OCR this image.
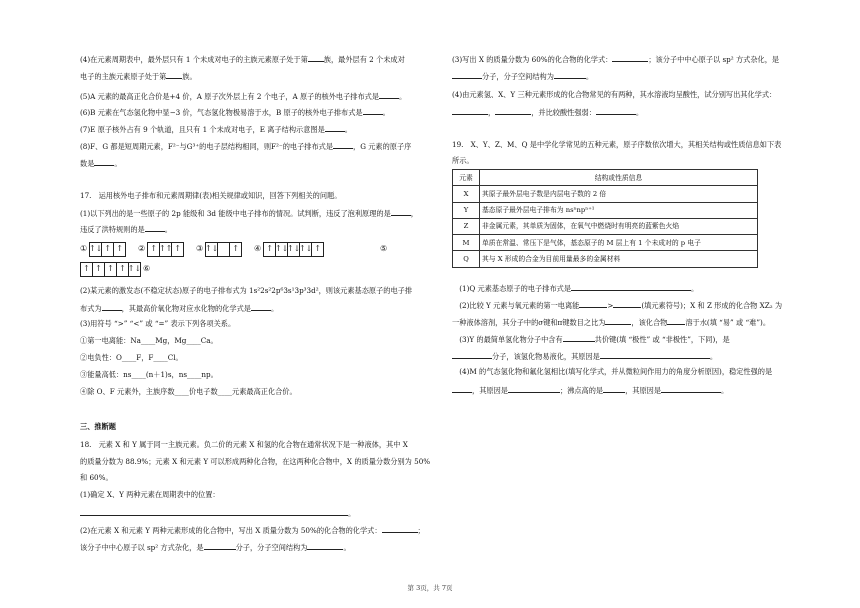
(4)在元素周期表中，最外层只有 1 个未成对电子的主族元素原子处于第 族，最外层有 2 个未成对
电子的主族元素原子处于第 族。
(5)A 元素的最高正化合价是+4 价，A 原子次外层上有 2 个电子，A 原子的核外电子排布式是	。
(6)B 元素在气态氢化物中显−3 价，气态氢化物极易溶于水，B 原子的核外电子排布式是	。
(7)E 原子核外占有 9 个轨道，且只有 1 个未成对电子，E 离子结构示意图是	。
(8)F、G 都是短周期元素，F²⁻与G³⁺的电子层结构相同，则F²⁻的电子排布式是	，G 元素的原子序
数是	。
17.　运用核外电子排布和元素周期律(表)相关规律或知识，回答下列相关的问题。
(1)以下列出的是一些原子的 2p 能级和 3d 能级中电子排布的情况。试判断，违反了泡利原理的是	，
违反了洪特规则的是	。
① ↑↓ ↑ ↑	② ↑ ↑↑ ↑	③ ↑↓ ↑	④ ↑ ↑↓
↑↓
↑↓ ↑	⑤
↑ ↑ ↑ ↑ ↑↓ ⑥
(2)某元素的激发态(不稳定状态)原子的电子排布式为 1s²2s²2p⁶3s¹3p³3d²，则该元素基态原子的电子排
布式为	，其最高价氧化物对应水化物的化学式是	。
(3)用符号 “>” “<” 或 “=” 表示下列各项关系。
①第一电离能：Na____Mg，Mg____Ca。
②电负性：O____F，F____Cl。
③能量高低：ns____(n＋1)s，ns____np。
④除 O、F 元素外，主族序数____价电子数____元素最高正化合价。
三、推断题
18.　元素 X 和 Y 属于同一主族元素。负二价的元素 X 和氢的化合物在通常状况下是一种液体，其中 X
的质量分数为 88.9%；元素 X 和元素 Y 可以形成两种化合物，在这两种化合物中，X 的质量分数分别为 50%
和 60%。
(1)确定 X、Y 两种元素在周期表中的位置：
。
(2)在元素 X 和元素 Y 两种元素形成的化合物中，写出 X 质量分数为 50%的化合物的化学式：	；
该分子中中心原子以 sp² 方式杂化，是	分子，分子空间结构为	。
(3)写出 X 的质量分数为 60%的化合物的化学式：	；该分子中中心原子以 sp² 方式杂化，是
分子，分子空间结构为	。
(4)由元素氢、X、Y 三种元素形成的化合物常见的有两种，其水溶液均呈酸性，试分别写出其化学式：
，	，并比较酸性强弱：	。
19.　X、Y、Z、M、Q 是中学化学常见的五种元素，原子序数依次增大，其相关结构或性质信息如下表
所示。
元素	结构或性质信息
X	其原子最外层电子数是内层电子数的 2 倍
Y	基态原子最外层电子排布为 nsⁿnpⁿ⁺¹
Z	非金属元素，其单质为固体，在氧气中燃烧时有明亮的蓝紫色火焰
M	单质在常温、常压下是气体，基态原子的 M 层上有 1 个未成对的 p 电子
Q	其与 X 形成的合金为目前用量最多的金属材料
　(1)Q 元素基态原子的电子排布式是	。
　(2)比较 Y 元素与氧元素的第一电离能	>	(填元素符号)；X 和 Z 形成的化合物 XZ₂ 为
一种液体溶剂，其分子中的σ键和π键数目之比为	，该化合物	溶于水(填 “易” 或 “难”)。
　(3)Y 的最简单氢化物分子中含有	共价键(填 “极性” 或 “非极性”，下同)，是
分子，该氢化物易液化，其原因是	。
　(4)M 的气态氢化物和氟化氢相比(填写化学式，并从微粒间作用力的角度分析原因)，稳定性强的是
，其原因是	；沸点高的是	，其原因是	。
第 3页，共 7页
